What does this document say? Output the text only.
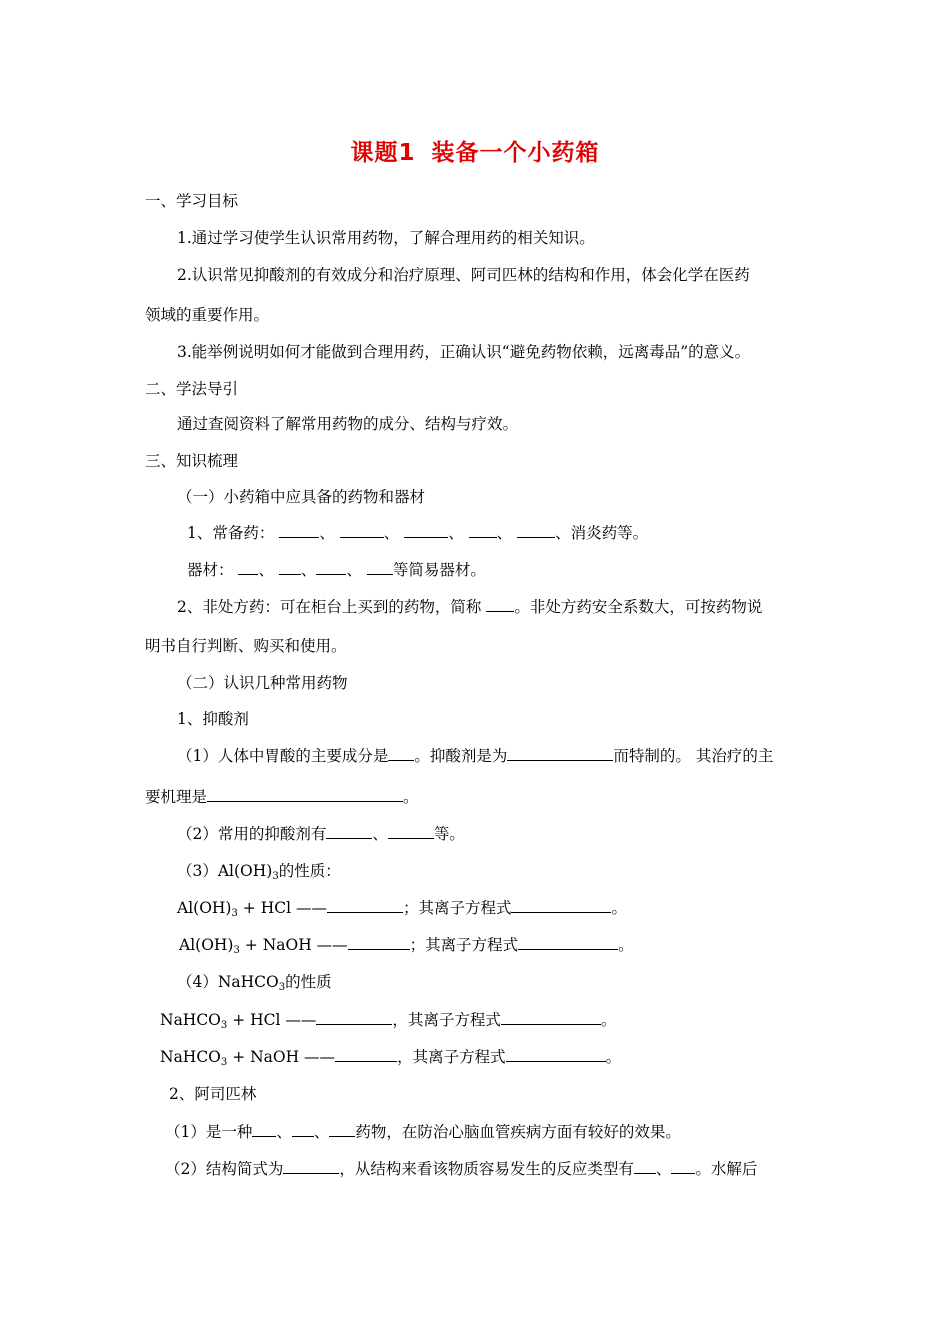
课题1 装备一个小药箱
一、学习目标
1.通过学习使学生认识常用药物，了解合理用药的相关知识。
2.认识常见抑酸剂的有效成分和治疗原理、阿司匹林的结构和作用，体会化学在医药
领域的重要作用。
3.能举例说明如何才能做到合理用药，正确认识“避免药物依赖，远离毒品”的意义。
二、学法导引
通过查阅资料了解常用药物的成分、结构与疗效。
三、知识梳理
（一）小药箱中应具备的药物和器材
1、常备药：	、	、	、 、	、消炎药等。
器材： 、 、 、 等简易器材。
2、非处方药：可在柜台上买到的药物，简称 。非处方药安全系数大，可按药物说
明书自行判断、购买和使用。
（二）认识几种常用药物
1、抑酸剂
（1）人体中胃酸的主要成分是 。抑酸剂是为	而特制的。 其治疗的主
要机理是	。
（2）常用的抑酸剂有	、	等。
$(3)Al(OH)_3$的性质：
$Al(OH)_3$ + HCl ——	；其离子方程式	。
$Al(OH)_3$ + NaOH ——	；其离子方程式	。
（4）NaHCO$_3$的性质
NaHCO$_3$ + HCl ——	，其离子方程式	。
NaHCO$_3$ + NaOH ——	，其离子方程式	。
2、阿司匹林
（1）是一种 、 、 药物，在防治心脑血管疾病方面有较好的效果。
（2）结构简式为	，从结构来看该物质容易发生的反应类型有 、 。水解后
